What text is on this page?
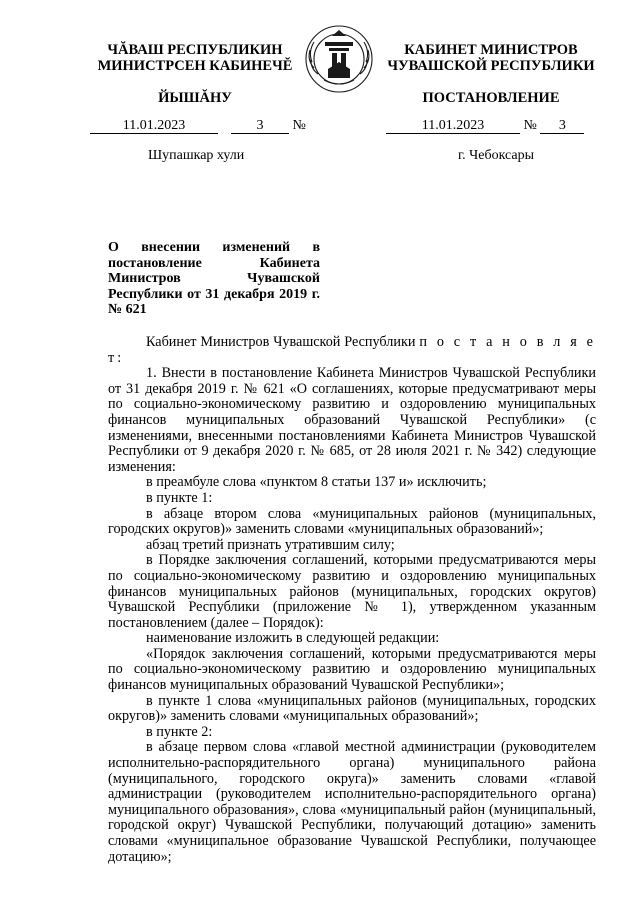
ЧĂВАШ РЕСПУБЛИКИН
МИНИСТРСЕН КАБИНЕЧĔ
ЙЫШĂНУ
КАБИНЕТ МИНИСТРОВ
ЧУВАШСКОЙ РЕСПУБЛИКИ
ПОСТАНОВЛЕНИЕ
11.01.2023	3 №	11.01.2023	№ 3
Шупашкар хули	г. Чебоксары
О внесении изменений в постановление Кабинета Министров Чувашской Республики от 31 декабря 2019 г. № 621

Кабинет Министров Чувашской Республики п о с т а н о в л я е т:

1. Внести в постановление Кабинета Министров Чувашской Республики от 31 декабря 2019 г. № 621 «О соглашениях, которые предусматривают меры по социально-экономическому развитию и оздоровлению муниципальных финансов муниципальных образований Чувашской Республики» (с изменениями, внесенными постановлениями Кабинета Министров Чувашской Республики от 9 декабря 2020 г. № 685, от 28 июля 2021 г. № 342) следующие изменения:

в преамбуле слова «пунктом 8 статьи 137 и» исключить;

в пункте 1:

в абзаце втором слова «муниципальных районов (муниципальных, городских округов)» заменить словами «муниципальных образований»;

абзац третий признать утратившим силу;

в Порядке заключения соглашений, которыми предусматриваются меры по социально-экономическому развитию и оздоровлению муниципальных финансов муниципальных районов (муниципальных, городских округов) Чувашской Республики (приложение № 1), утвержденном указанным постановлением (далее – Порядок):

наименование изложить в следующей редакции:

«Порядок заключения соглашений, которыми предусматриваются меры по социально-экономическому развитию и оздоровлению муниципальных финансов муниципальных образований Чувашской Республики»;

в пункте 1 слова «муниципальных районов (муниципальных, городских округов)» заменить словами «муниципальных образований»;

в пункте 2:

в абзаце первом слова «главой местной администрации (руководителем исполнительно-распорядительного органа) муниципального района (муниципального, городского округа)» заменить словами «главой администрации (руководителем исполнительно-распорядительного органа) муниципального образования», слова «муниципальный район (муниципальный, городской округ) Чувашской Республики, получающий дотацию» заменить словами «муниципальное образование Чувашской Республики, получающее дотацию»;
